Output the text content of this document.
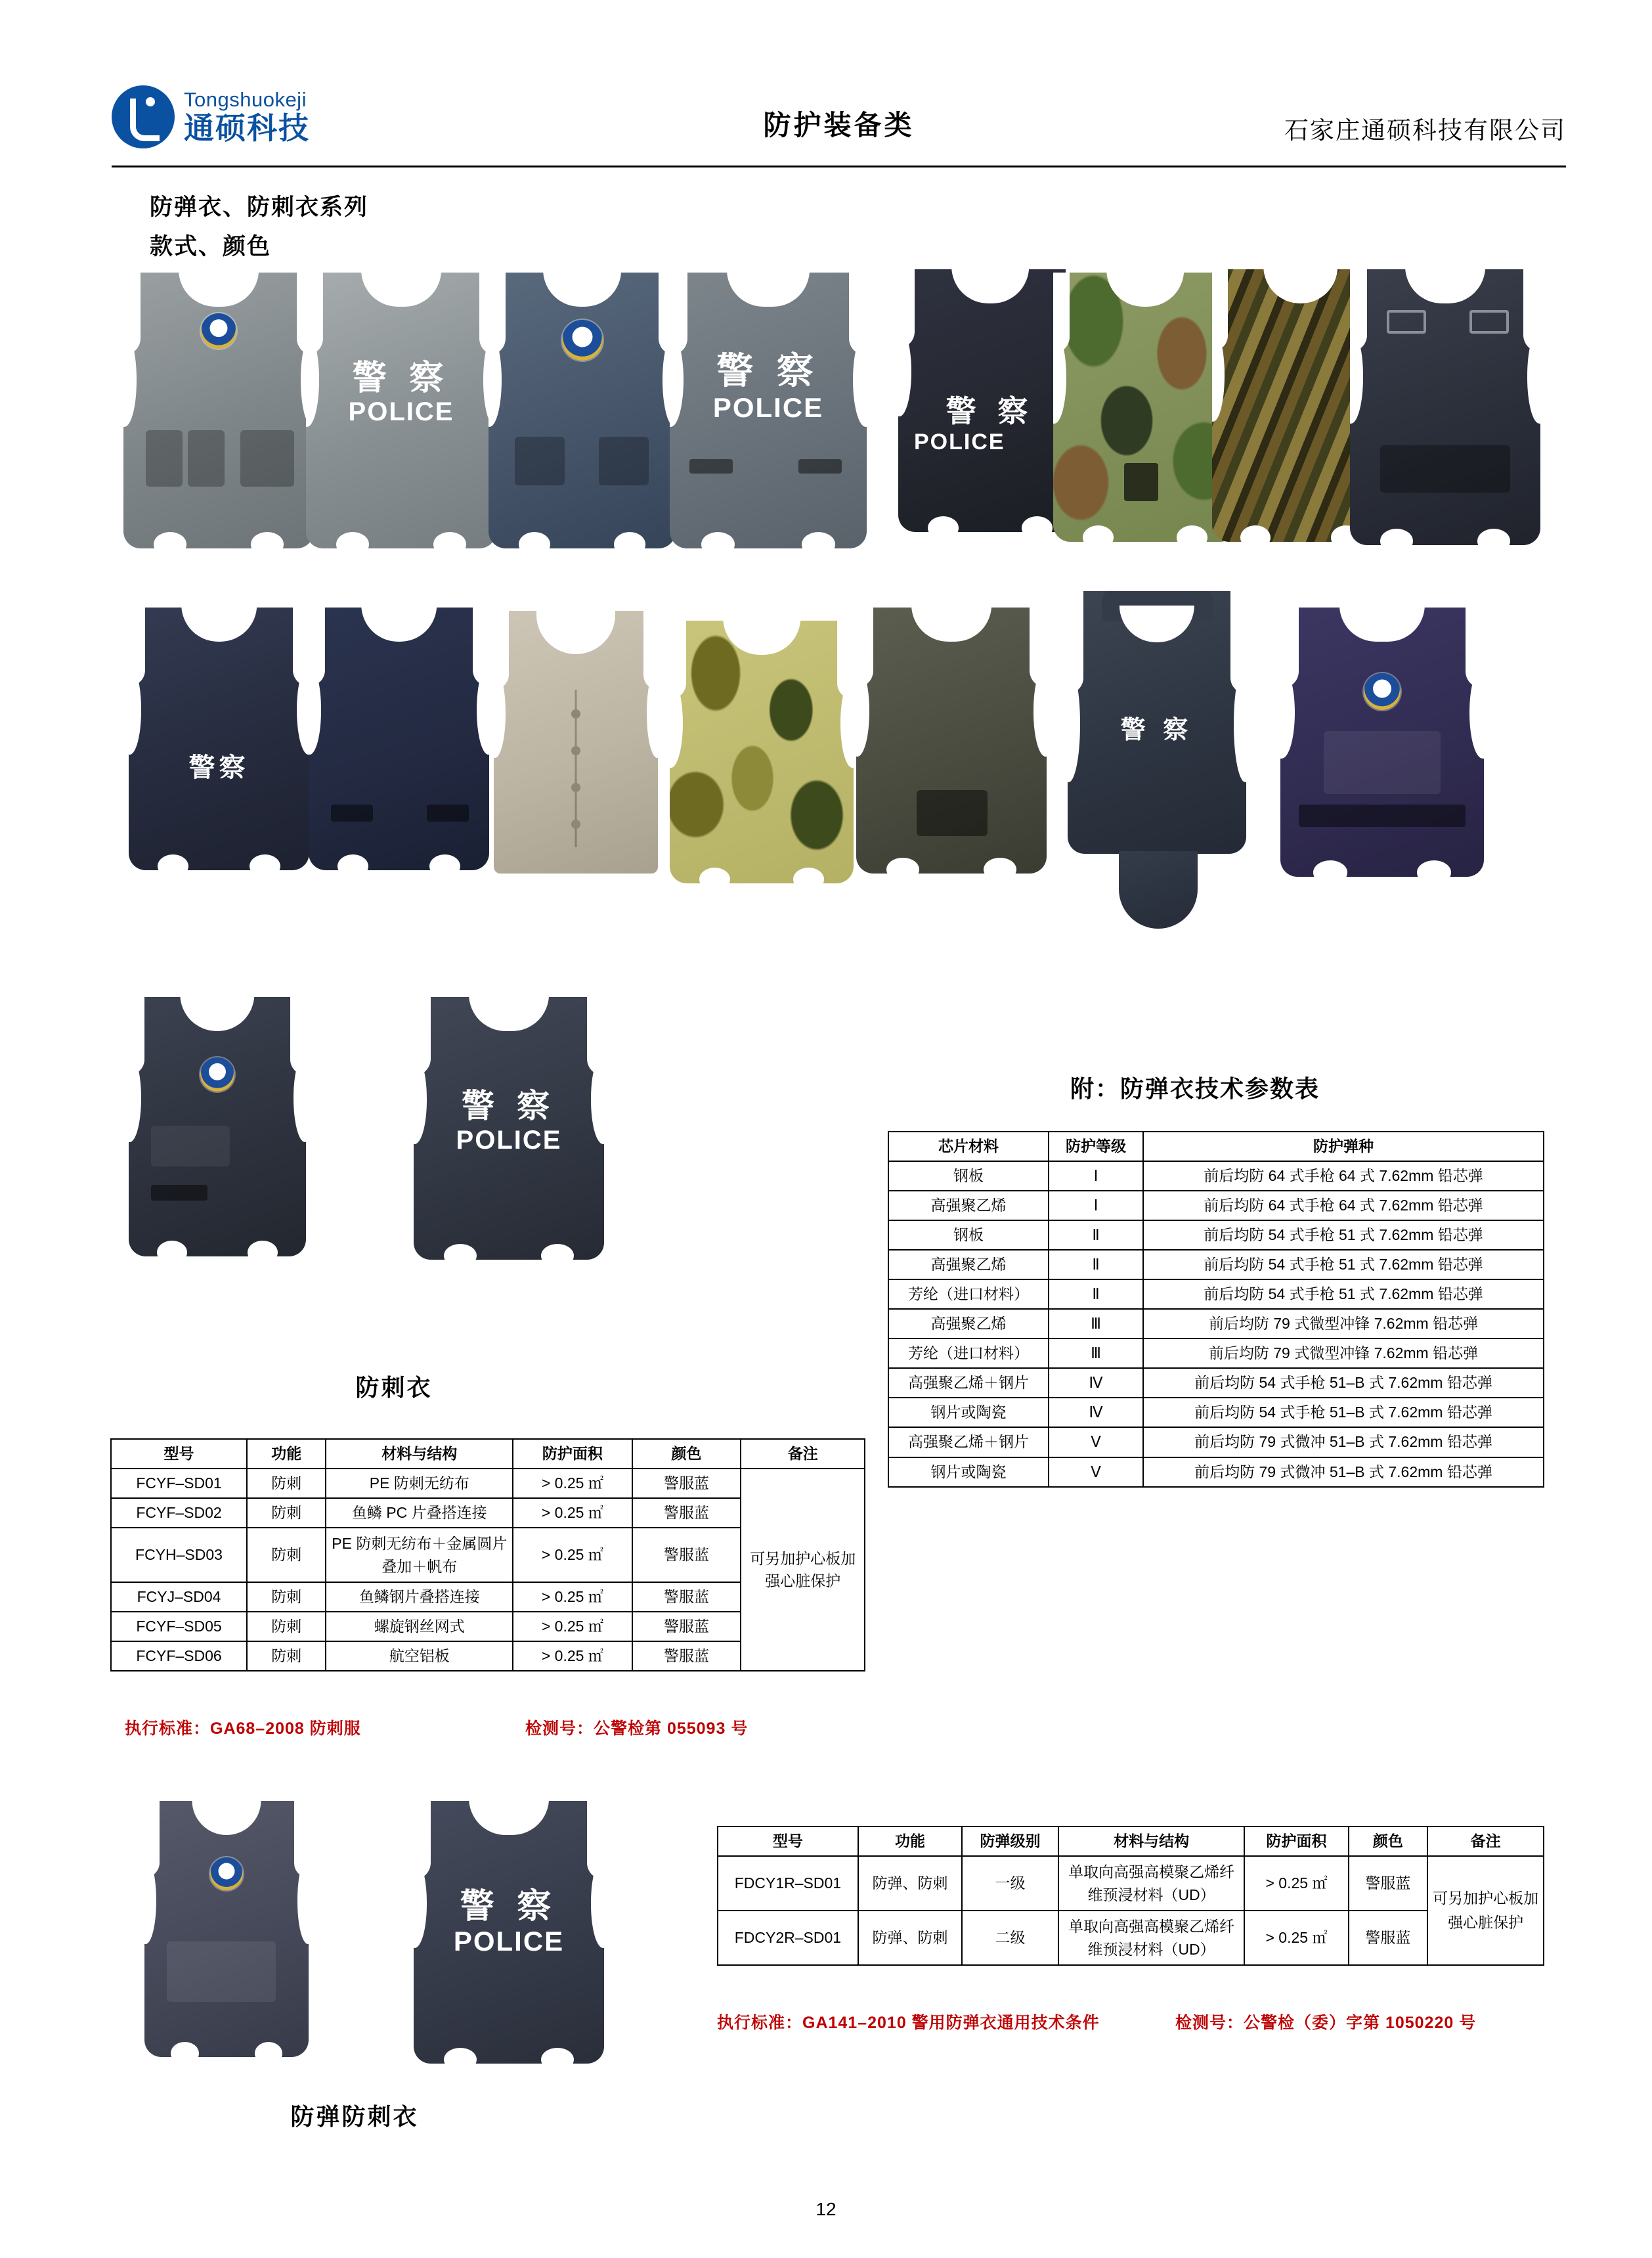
Tongshuokeji
通硕科技	防护装备类	石家庄通硕科技有限公司
防弹衣、防刺衣系列
款式、颜色
警 察
POLICE
警 察
POLICE	警 察
POLICE
警察
警 察
警 察
POLICE
防刺衣
附：防弹衣技术参数表
芯片材料	防护等级	防护弹种
钢板	Ⅰ	前后均防 64 式手枪 64 式 7.62mm 铅芯弹
高强聚乙烯	Ⅰ	前后均防 64 式手枪 64 式 7.62mm 铅芯弹
钢板	Ⅱ	前后均防 54 式手枪 51 式 7.62mm 铅芯弹
高强聚乙烯	Ⅱ	前后均防 54 式手枪 51 式 7.62mm 铅芯弹
芳纶（进口材料）	Ⅱ	前后均防 54 式手枪 51 式 7.62mm 铅芯弹
高强聚乙烯	Ⅲ	前后均防 79 式微型冲锋 7.62mm 铅芯弹
芳纶（进口材料）	Ⅲ	前后均防 79 式微型冲锋 7.62mm 铅芯弹
高强聚乙烯＋钢片	Ⅳ	前后均防 54 式手枪 51–B 式 7.62mm 铅芯弹
钢片或陶瓷	Ⅳ	前后均防 54 式手枪 51–B 式 7.62mm 铅芯弹
高强聚乙烯＋钢片	Ⅴ	前后均防 79 式微冲 51–B 式 7.62mm 铅芯弹
钢片或陶瓷	Ⅴ	前后均防 79 式微冲 51–B 式 7.62mm 铅芯弹
型号	功能	材料与结构	防护面积	颜色	备注
FCYF–SD01	防刺	PE 防刺无纺布	> 0.25 ㎡	警服蓝	可另加护心板加强心脏保护
FCYF–SD02	防刺	鱼鳞 PC 片叠搭连接	> 0.25 ㎡	警服蓝	
FCYH–SD03	防刺	PE 防刺无纺布＋金属圆片叠加＋帆布	> 0.25 ㎡	警服蓝	
FCYJ–SD04	防刺	鱼鳞钢片叠搭连接	> 0.25 ㎡	警服蓝	
FCYF–SD05	防刺	螺旋钢丝网式	> 0.25 ㎡	警服蓝	
FCYF–SD06	防刺	航空铝板	> 0.25 ㎡	警服蓝	
执行标准：GA68–2008 防刺服	检测号：公警检第 055093 号
警 察
POLICE
防弹防刺衣
型号	功能	防弹级别	材料与结构	防护面积	颜色	备注
FDCY1R–SD01	防弹、防刺	一级	单取向高强高模聚乙烯纤维预浸材料（UD）	> 0.25 ㎡	警服蓝	可另加护心板加强心脏保护
FDCY2R–SD01	防弹、防刺	二级	单取向高强高模聚乙烯纤维预浸材料（UD）	> 0.25 ㎡	警服蓝	
执行标准：GA141–2010 警用防弹衣通用技术条件	检测号：公警检（委）字第 1050220 号
12
